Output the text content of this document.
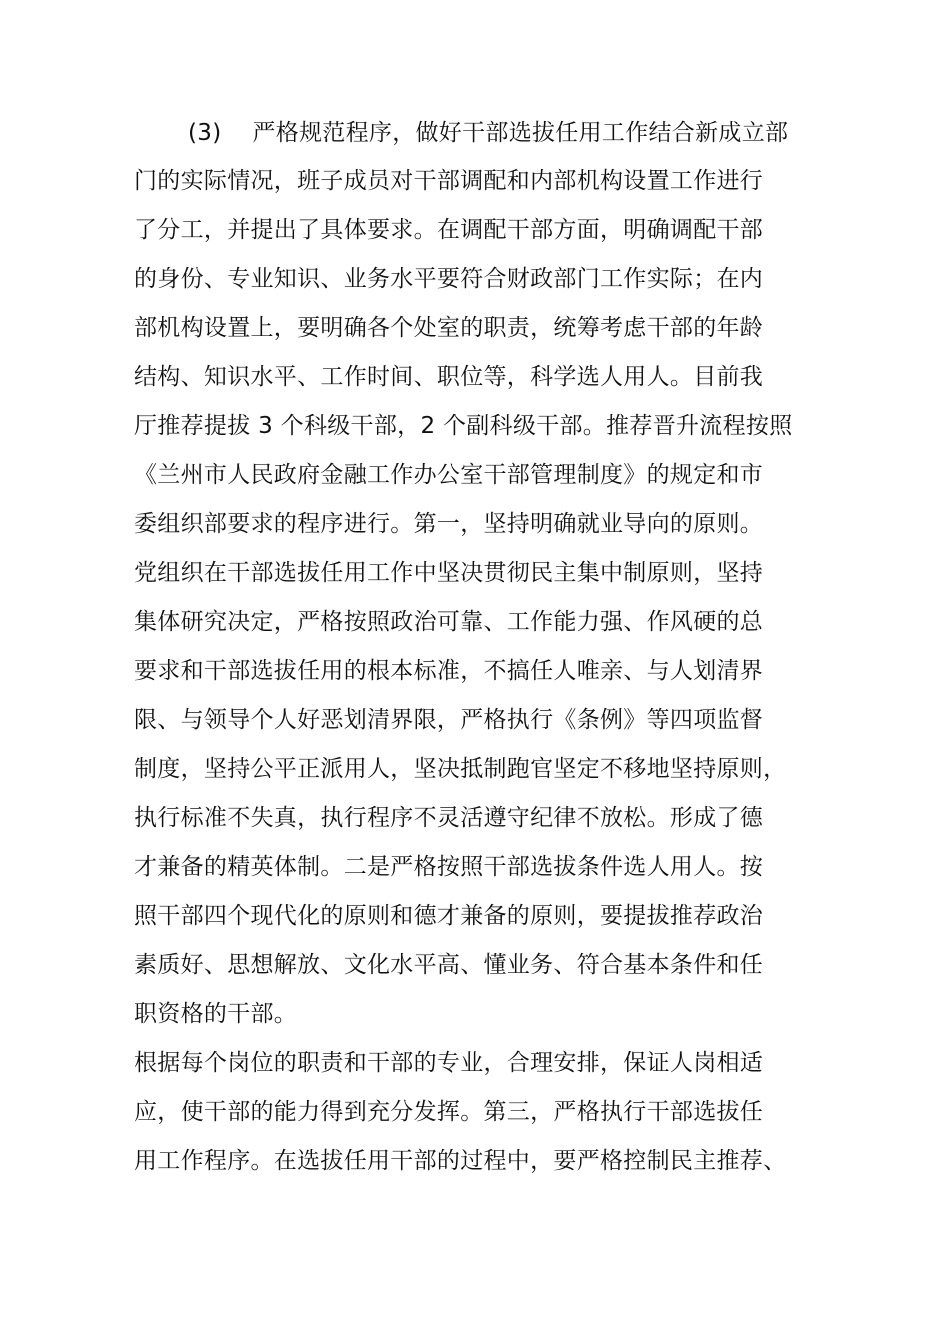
(3)　 严格规范程序，做好干部选拔任用工作结合新成立部

门的实际情况，班子成员对干部调配和内部机构设置工作进行

了分工，并提出了具体要求。在调配干部方面，明确调配干部

的身份、专业知识、业务水平要符合财政部门工作实际；在内

部机构设置上，要明确各个处室的职责，统筹考虑干部的年龄

结构、知识水平、工作时间、职位等，科学选人用人。目前我

厅推荐提拔 3 个科级干部，2 个副科级干部。推荐晋升流程按照

《兰州市人民政府金融工作办公室干部管理制度》的规定和市

委组织部要求的程序进行。第一，坚持明确就业导向的原则。

党组织在干部选拔任用工作中坚决贯彻民主集中制原则，坚持

集体研究决定，严格按照政治可靠、工作能力强、作风硬的总

要求和干部选拔任用的根本标准，不搞任人唯亲、与人划清界

限、与领导个人好恶划清界限，严格执行《条例》等四项监督

制度，坚持公平正派用人，坚决抵制跑官坚定不移地坚持原则，

执行标准不失真，执行程序不灵活遵守纪律不放松。形成了德

才兼备的精英体制。二是严格按照干部选拔条件选人用人。按

照干部四个现代化的原则和德才兼备的原则，要提拔推荐政治

素质好、思想解放、文化水平高、懂业务、符合基本条件和任

职资格的干部。

根据每个岗位的职责和干部的专业，合理安排，保证人岗相适

应，使干部的能力得到充分发挥。第三，严格执行干部选拔任

用工作程序。在选拔任用干部的过程中，要严格控制民主推荐、
